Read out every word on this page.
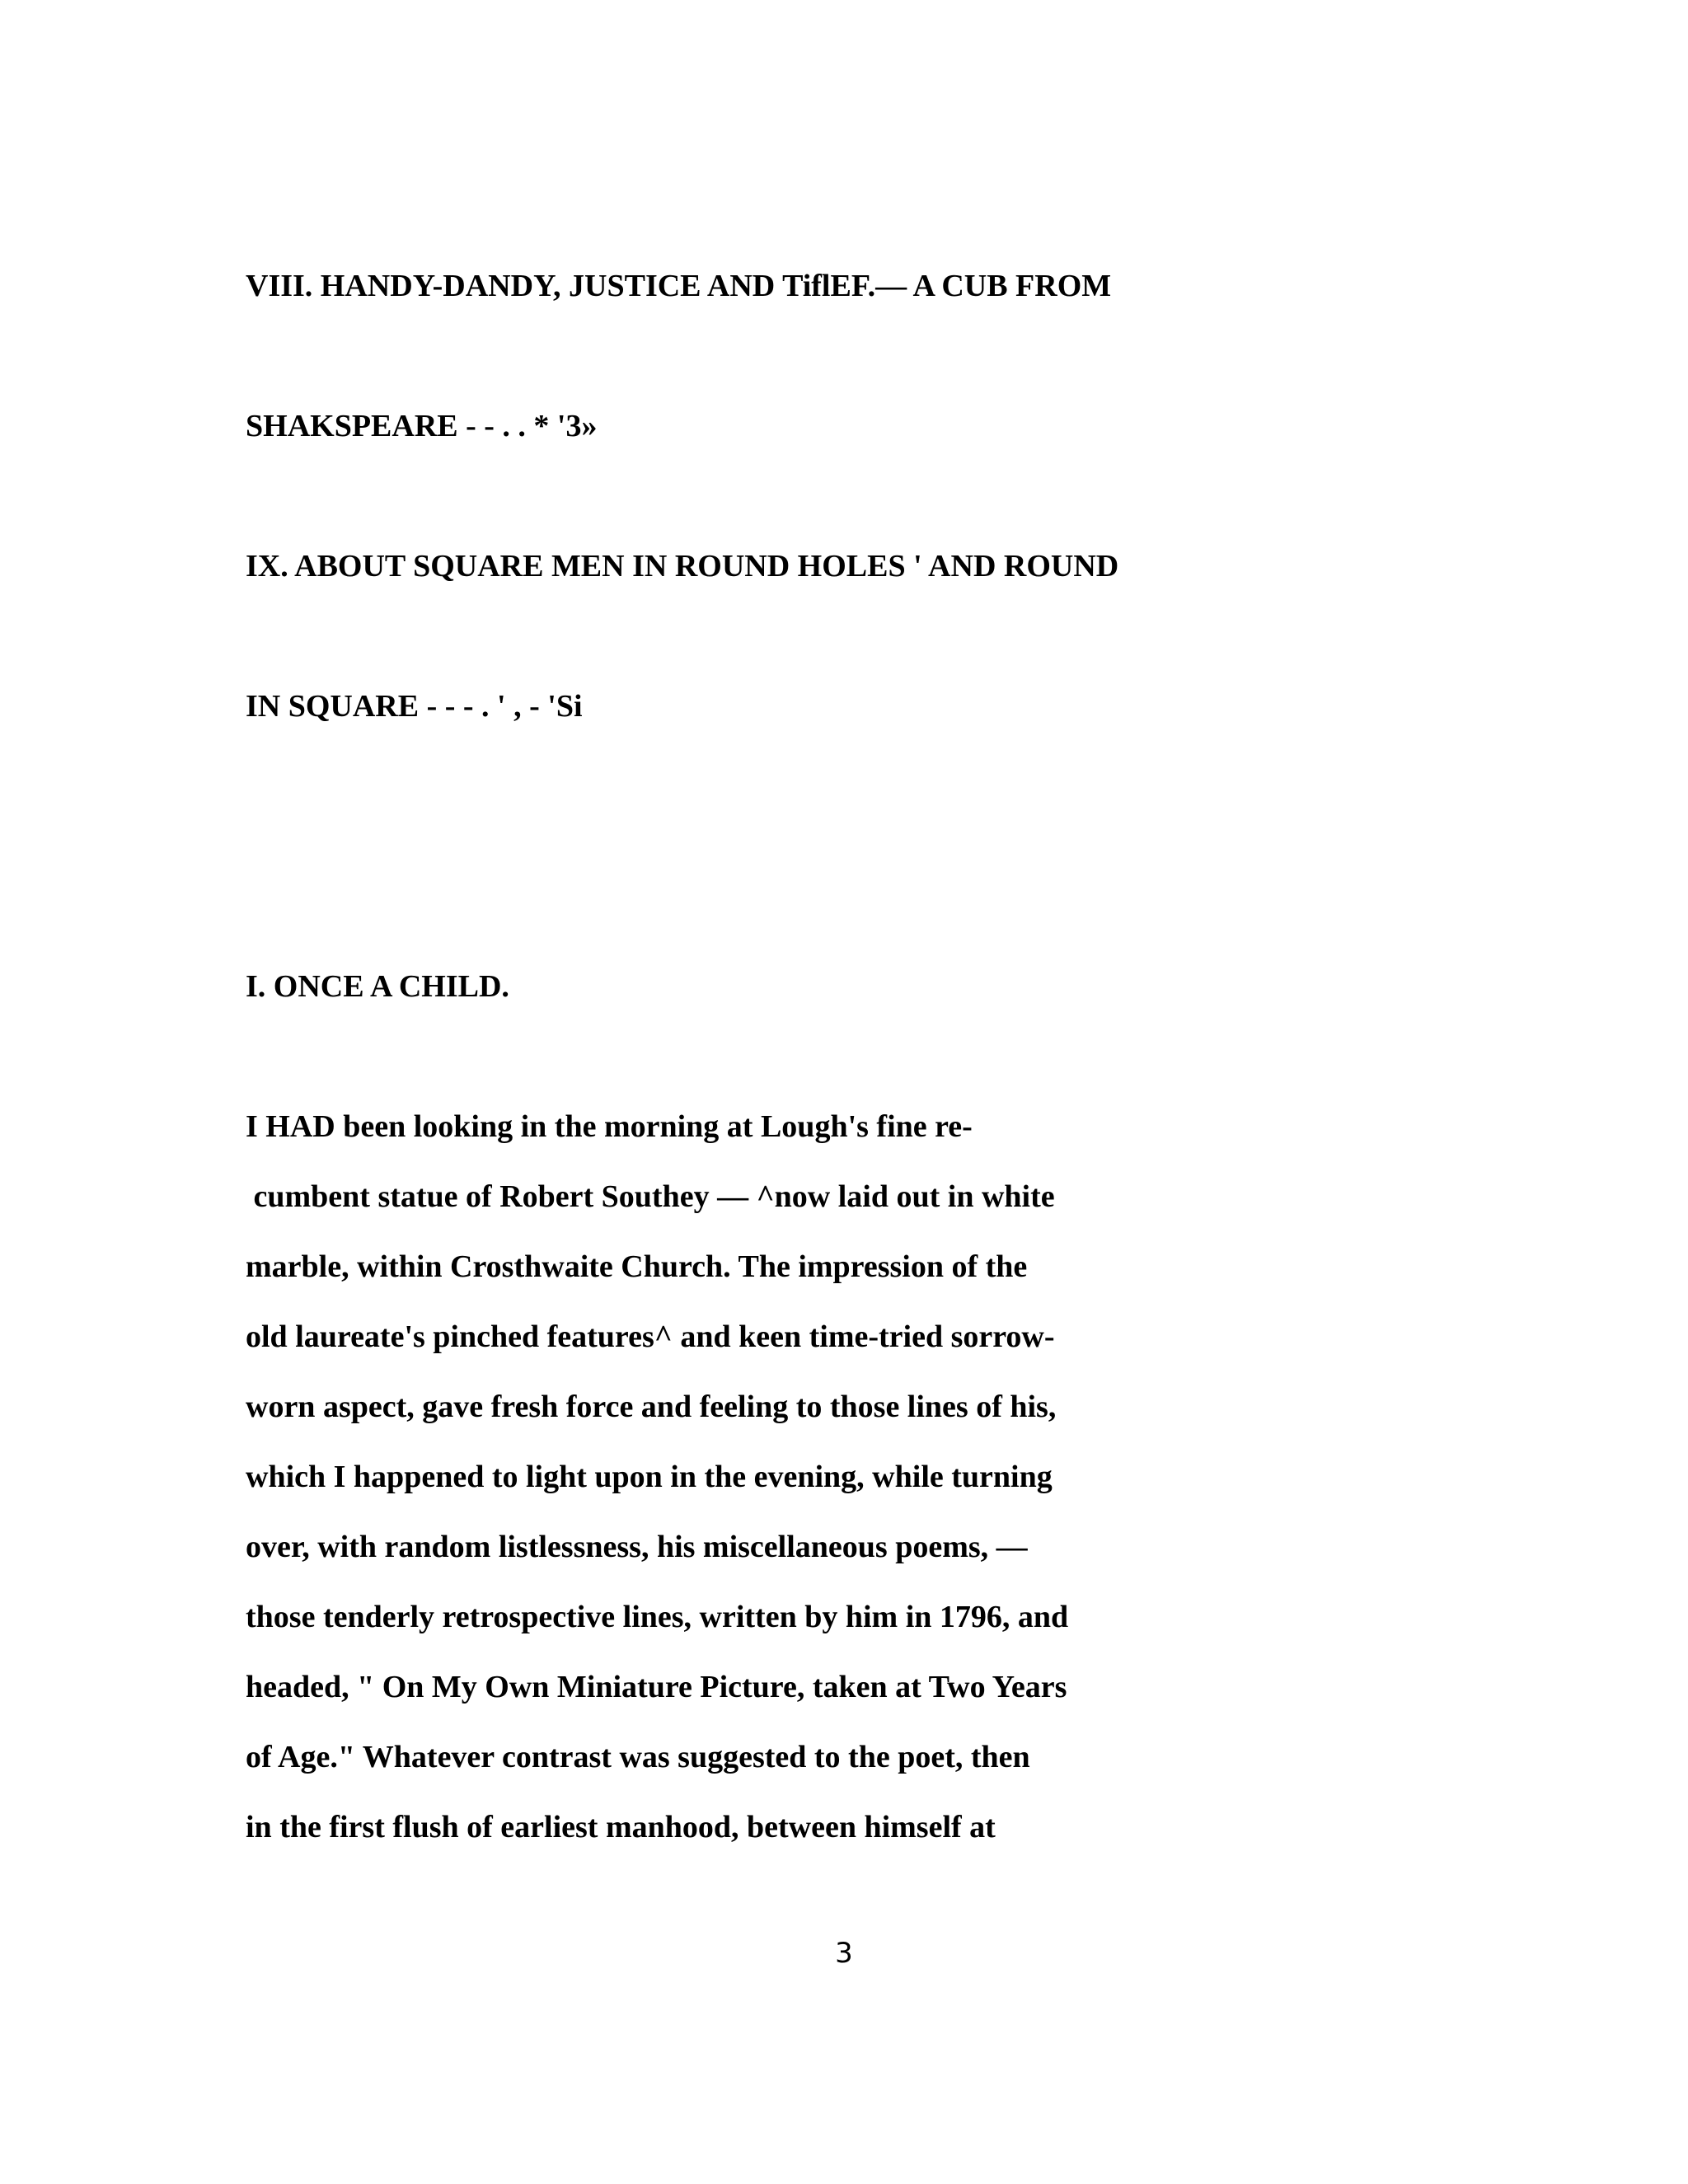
VIII. HANDY-DANDY, JUSTICE AND TiflEF.— A CUB FROM

SHAKSPEARE - - . . * '3»

IX. ABOUT SQUARE MEN IN ROUND HOLES ' AND ROUND

IN SQUARE - - - . ' , - 'Si

I. ONCE A CHILD.

I HAD been looking in the morning at Lough's fine re-

cumbent statue of Robert Southey — ^now laid out in white

marble, within Crosthwaite Church. The impression of the

old laureate's pinched features^ and keen time-tried sorrow-

worn aspect, gave fresh force and feeling to those lines of his,

which I happened to light upon in the evening, while turning

over, with random listlessness, his miscellaneous poems, —

those tenderly retrospective lines, written by him in 1796, and

headed, " On My Own Miniature Picture, taken at Two Years

of Age." Whatever contrast was suggested to the poet, then

in the first flush of earliest manhood, between himself at

3
